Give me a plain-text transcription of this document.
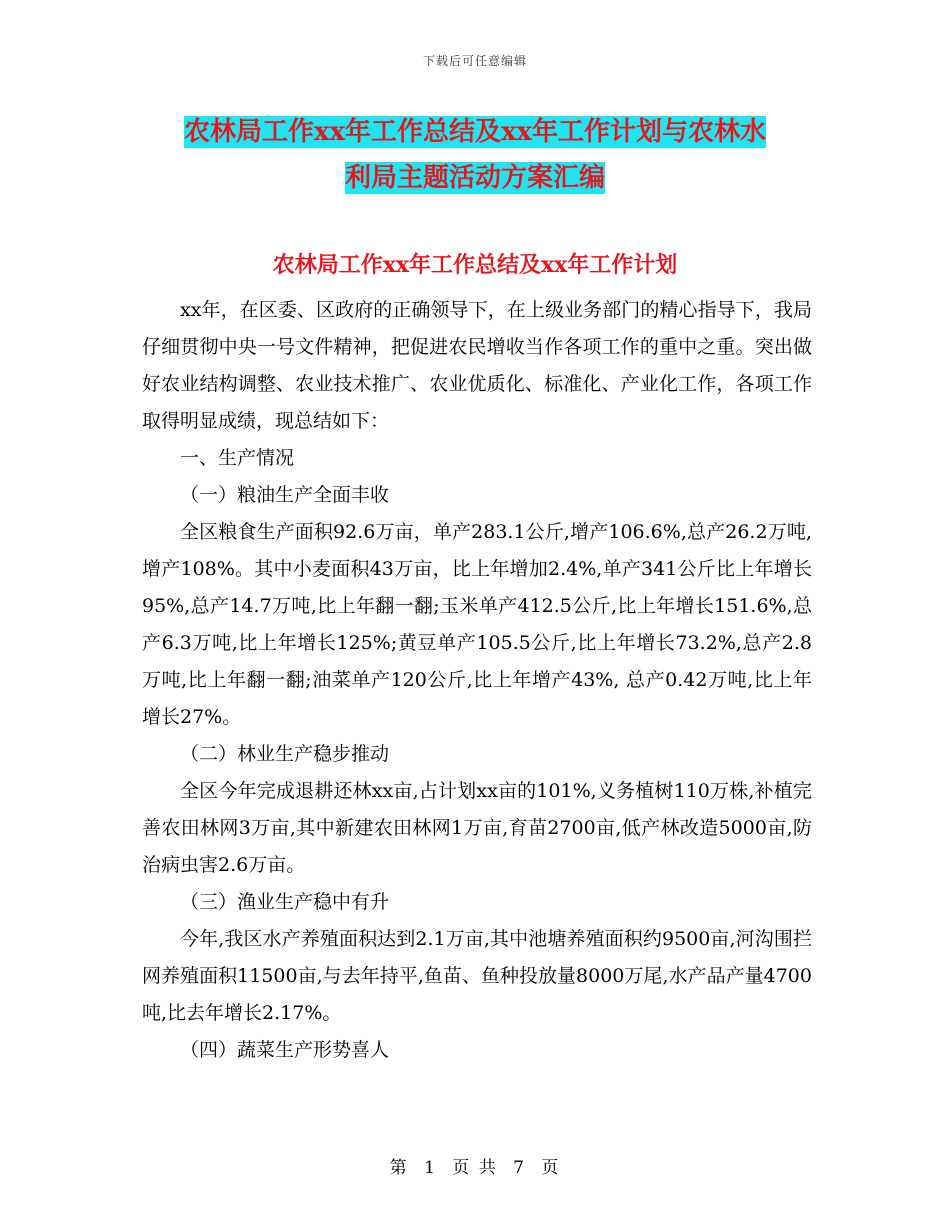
下载后可任意编辑
农林局工作xx年工作总结及xx年工作计划与农林水
利局主题活动方案汇编
农林局工作xx年工作总结及xx年工作计划

xx年，在区委、区政府的正确领导下，在上级业务部门的精心指导下，我局仔细贯彻中央一号文件精神，把促进农民增收当作各项工作的重中之重。突出做好农业结构调整、农业技术推广、农业优质化、标准化、产业化工作，各项工作取得明显成绩，现总结如下：

一、生产情况

（一）粮油生产全面丰收

全区粮食生产面积92.6万亩，单产283.1公斤,增产106.6%,总产26.2万吨,增产108%。其中小麦面积43万亩，比上年增加2.4%,单产341公斤比上年增长95%,总产14.7万吨,比上年翻一翻;玉米单产412.5公斤,比上年增长151.6%,总产6.3万吨,比上年增长125%;黄豆单产105.5公斤,比上年增长73.2%,总产2.8万吨,比上年翻一翻;油菜单产120公斤,比上年增产43%, 总产0.42万吨,比上年增长27%。

（二）林业生产稳步推动

全区今年完成退耕还林xx亩,占计划xx亩的101%,义务植树110万株,补植完善农田林网3万亩,其中新建农田林网1万亩,育苗2700亩,低产林改造5000亩,防治病虫害2.6万亩。

（三）渔业生产稳中有升

今年,我区水产养殖面积达到2.1万亩,其中池塘养殖面积约9500亩,河沟围拦网养殖面积11500亩,与去年持平,鱼苗、鱼种投放量8000万尾,水产品产量4700吨,比去年增长2.17%。

（四）蔬菜生产形势喜人

第 1 页 共 7 页
